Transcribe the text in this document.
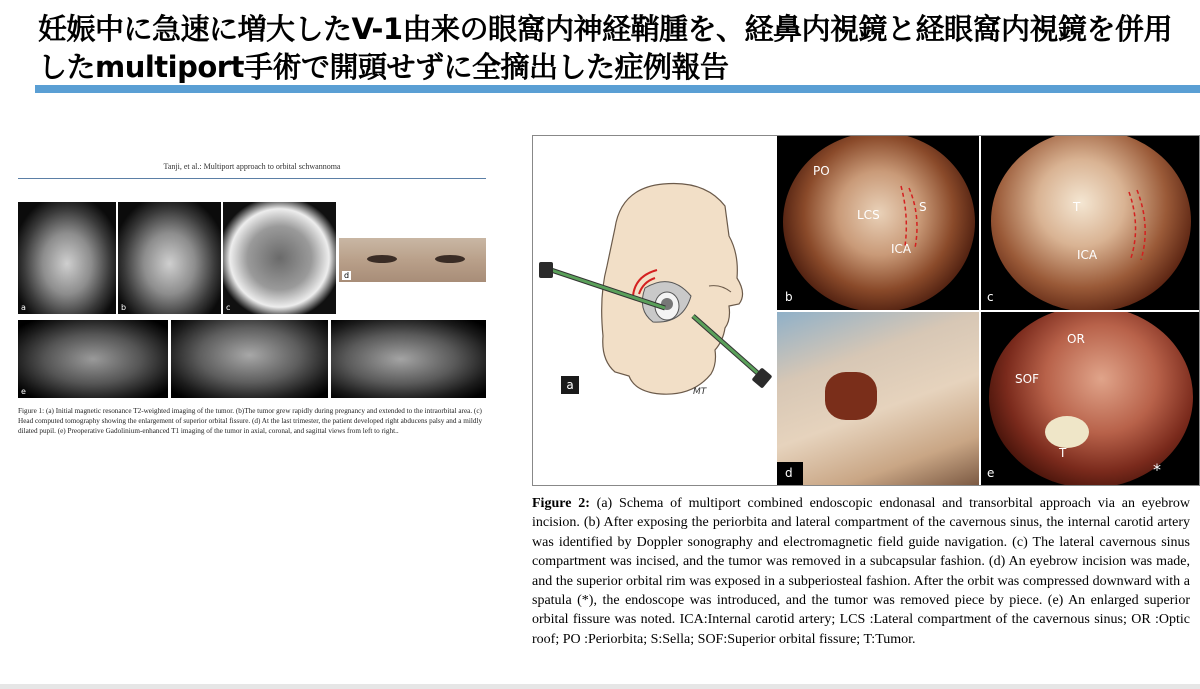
妊娠中に急速に増大したV-1由来の眼窩内神経鞘腫を、経鼻内視鏡と経眼窩内視鏡を併用したmultiport手術で開頭せずに全摘出した症例報告
Tanji, et al.: Multiport approach to orbital schwannoma
a	b	c
d
e

Figure 1: (a) Initial magnetic resonance T2-weighted imaging of the tumor. (b)The tumor grew rapidly during pregnancy and extended to the intraorbital area. (c) Head computed tomography showing the enlargement of superior orbital fissure. (d) At the last trimester, the patient developed right abducens palsy and a mildly dilated pupil. (e) Preoperative Gadolinium-enhanced T1 imaging of the tumor in axial, coronal, and sagittal views from left to right..

MT
a
PO
LCS
S
ICA
b
T
ICA
c
d
OR
SOF
T
*
e

Figure 2: (a) Schema of multiport combined endoscopic endonasal and transorbital approach via an eyebrow incision. (b) After exposing the periorbita and lateral compartment of the cavernous sinus, the internal carotid artery was identified by Doppler sonography and electromagnetic field guide navigation. (c) The lateral cavernous sinus compartment was incised, and the tumor was removed in a subcapsular fashion. (d) An eyebrow incision was made, and the superior orbital rim was exposed in a subperiosteal fashion. After the orbit was compressed downward with a spatula (*), the endoscope was introduced, and the tumor was removed piece by piece. (e) An enlarged superior orbital fissure was noted. ICA:Internal carotid artery; LCS :Lateral compartment of the cavernous sinus; OR :Optic roof; PO :Periorbita; S:Sella; SOF:Superior orbital fissure; T:Tumor.
